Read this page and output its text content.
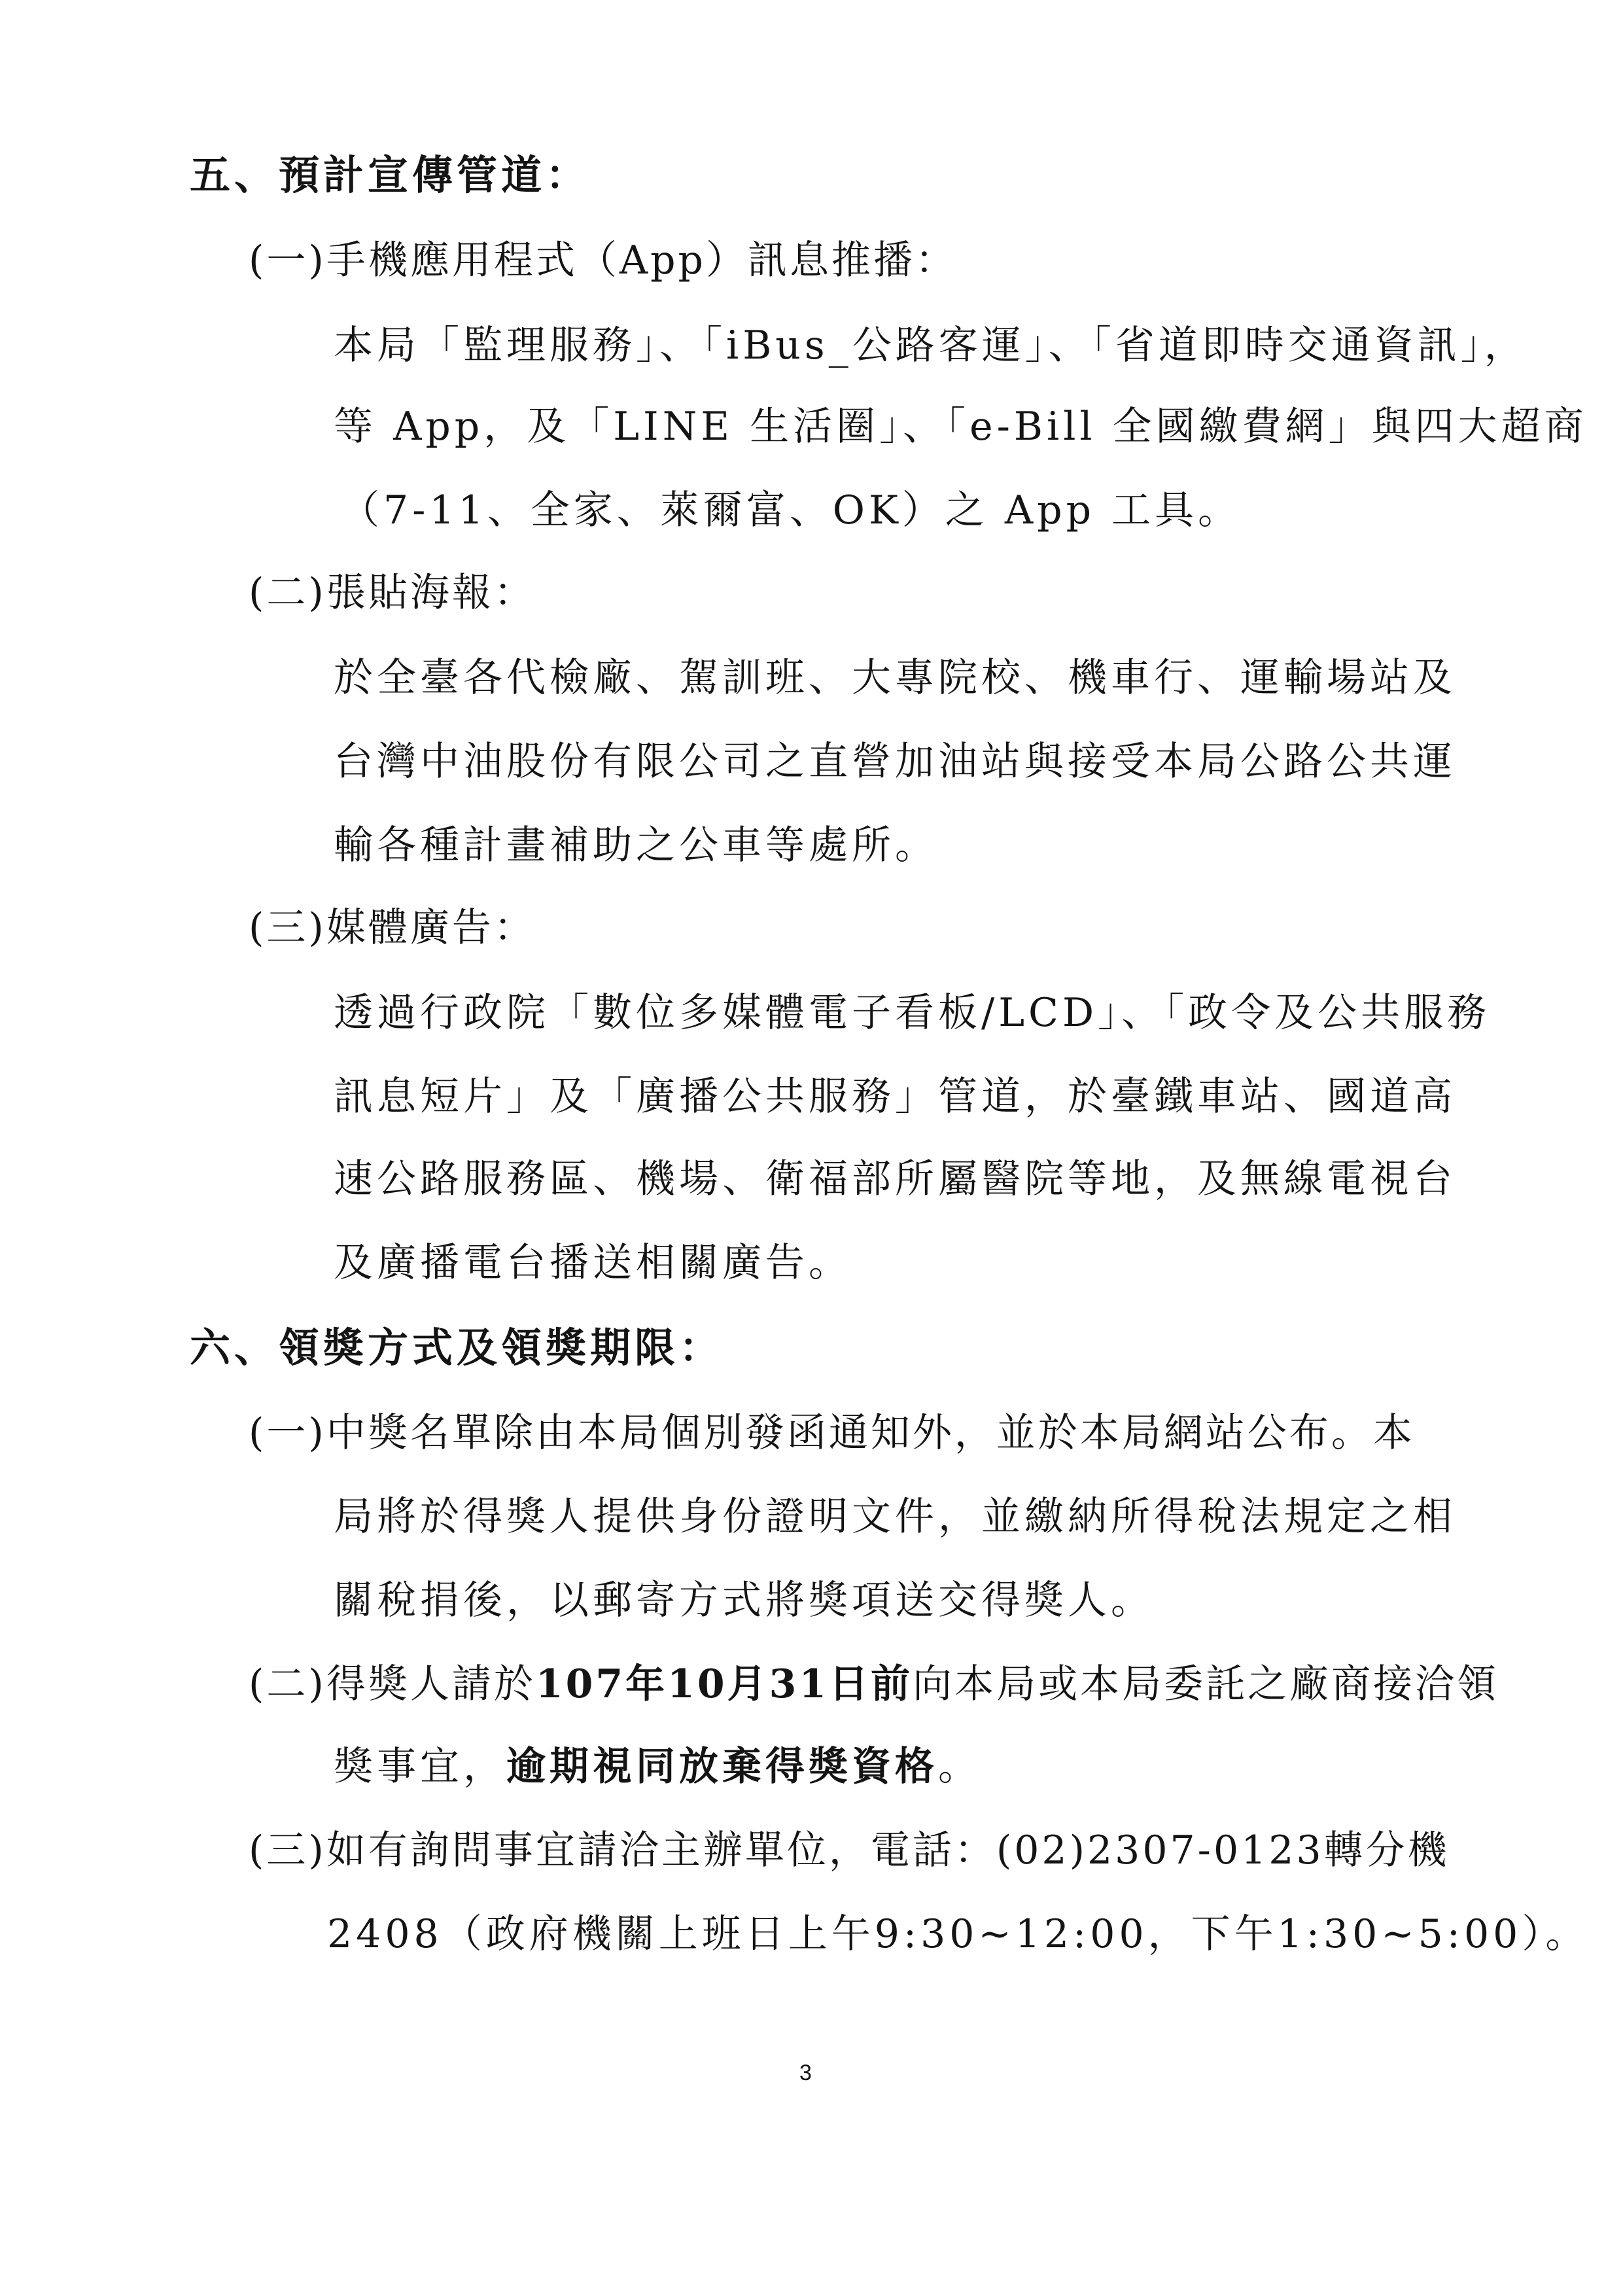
五、預計宣傳管道：
(一)手機應用程式（App）訊息推播：
本局「監理服務」、「iBus_公路客運」、「省道即時交通資訊」，
等 App，及「LINE 生活圈」、「e-Bill 全國繳費網」與四大超商
（7-11、全家、萊爾富、OK）之 App 工具。
(二)張貼海報：
於全臺各代檢廠、駕訓班、大專院校、機車行、運輸場站及
台灣中油股份有限公司之直營加油站與接受本局公路公共運
輸各種計畫補助之公車等處所。
(三)媒體廣告：
透過行政院「數位多媒體電子看板/LCD」、「政令及公共服務
訊息短片」及「廣播公共服務」管道，於臺鐵車站、國道高
速公路服務區、機場、衛福部所屬醫院等地，及無線電視台
及廣播電台播送相關廣告。
六、領獎方式及領獎期限：
(一)中獎名單除由本局個別發函通知外，並於本局網站公布。本
局將於得獎人提供身份證明文件，並繳納所得稅法規定之相
關稅捐後，以郵寄方式將獎項送交得獎人。
(二)得獎人請於107年10月31日前向本局或本局委託之廠商接洽領
獎事宜，逾期視同放棄得獎資格。
(三)如有詢問事宜請洽主辦單位，電話：(02)2307-0123轉分機
2408（政府機關上班日上午9:30~12:00，下午1:30~5:00）。
3
